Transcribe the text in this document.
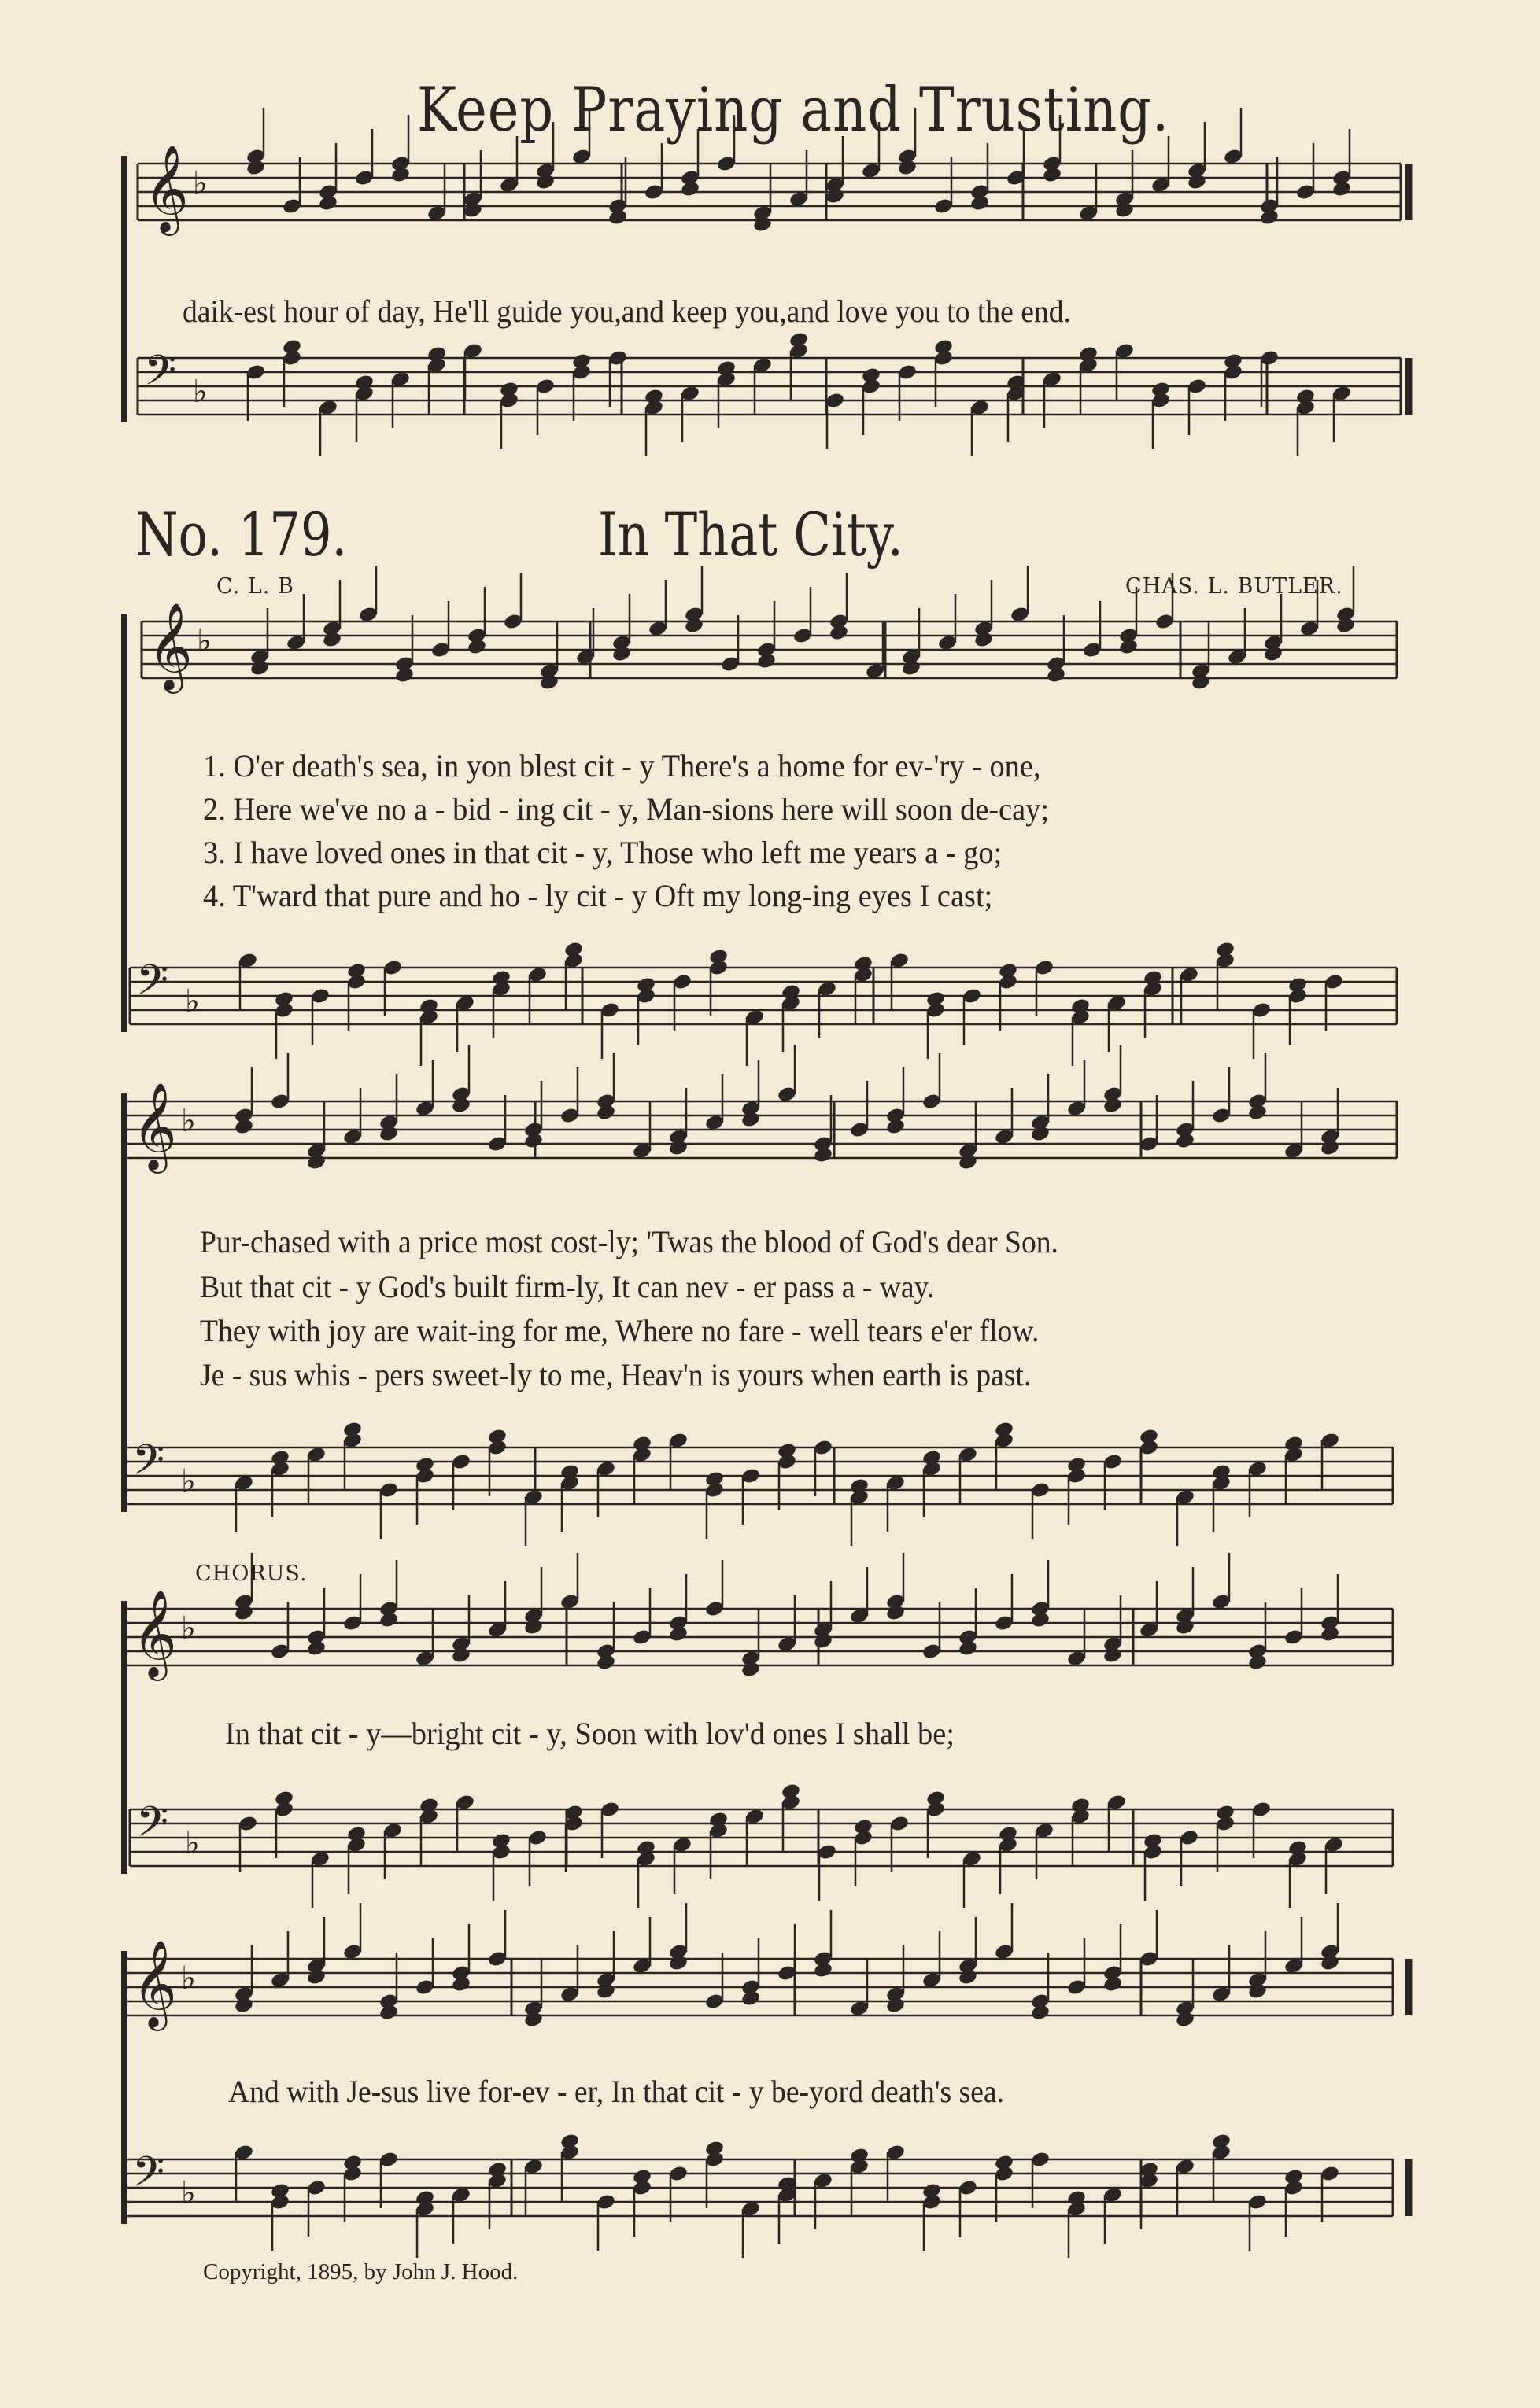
𝄞 ♭
𝄢 ♭
𝄞 ♭
𝄢 ♭
𝄞 ♭
𝄢 ♭
𝄞 ♭
𝄢 ♭
𝄞 ♭
𝄢 ♭
Keep Praying and Trusting.
daik-est hour of day, He'll guide you,and keep you,and love you to the end.
No. 179.	In That City.
C. L. B	CHAS. L. BUTLER.
1. O'er death's sea, in yon blest cit - y There's a home for ev-'ry - one,
2. Here we've no a - bid - ing cit - y, Man-sions here will soon de-cay;
3. I have loved ones in that cit - y, Those who left me years a - go;
4. T'ward that pure and ho - ly cit - y Oft my long-ing eyes I cast;
Pur-chased with a price most cost-ly; 'Twas the blood of God's dear Son.
But that cit - y God's built firm-ly, It can nev - er pass a - way.
They with joy are wait-ing for me, Where no fare - well tears e'er flow.
Je - sus whis - pers sweet-ly to me, Heav'n is yours when earth is past.
CHORUS.
In that cit - y—bright cit - y, Soon with lov'd ones I shall be;
And with Je-sus live for-ev - er, In that cit - y be-yord death's sea.
Copyright, 1895, by John J. Hood.
